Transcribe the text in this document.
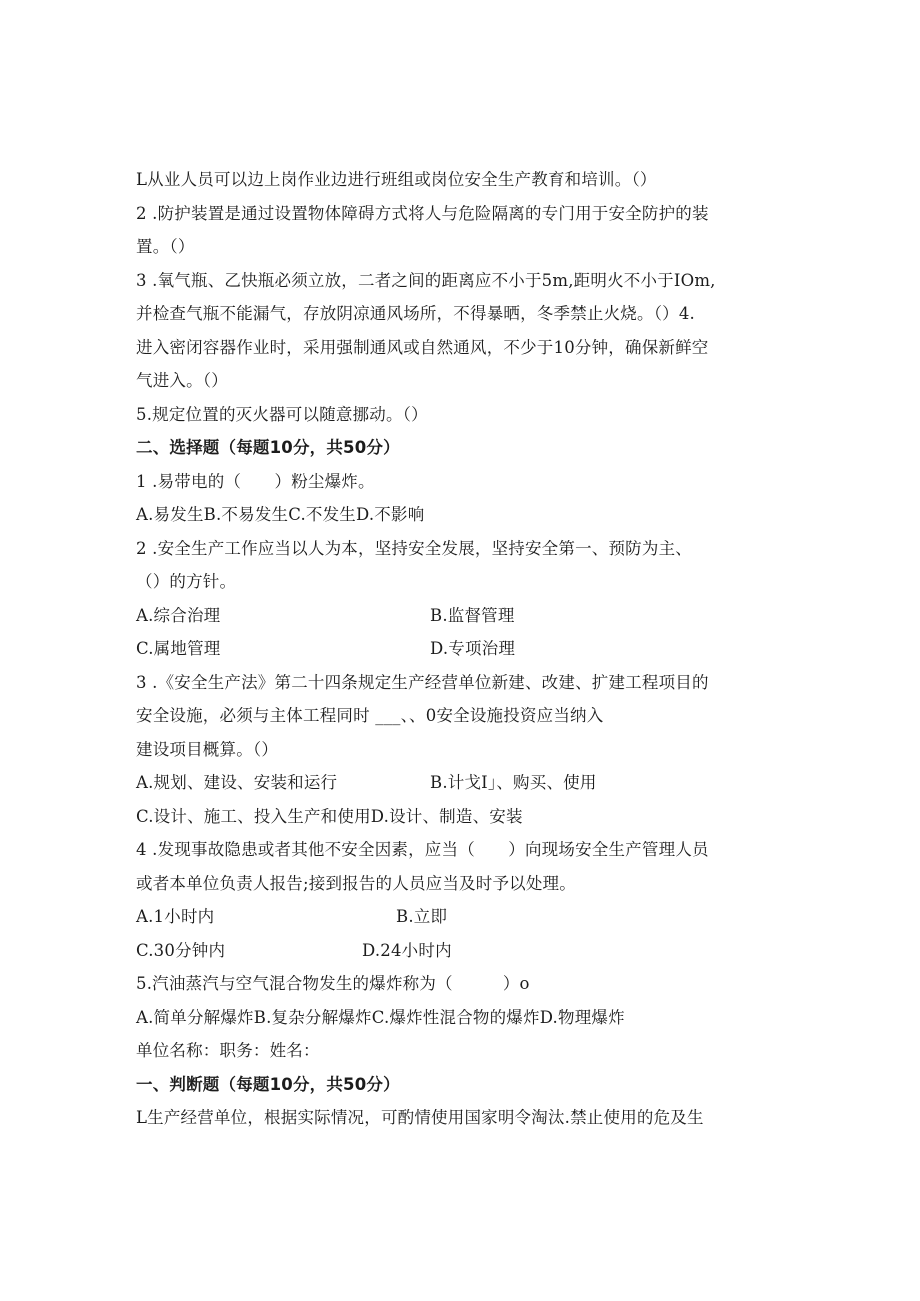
L从业人员可以边上岗作业边进行班组或岗位安全生产教育和培训。（）
2 .防护装置是通过设置物体障碍方式将人与危险隔离的专门用于安全防护的装
置。（）
3 .氧气瓶、乙快瓶必须立放，二者之间的距离应不小于5m,距明火不小于IOm,
并检查气瓶不能漏气，存放阴凉通风场所，不得暴晒，冬季禁止火烧。（）4.
进入密闭容器作业时，采用强制通风或自然通风，不少于10分钟，确保新鲜空
气进入。（）
5.规定位置的灭火器可以随意挪动。（）
二、选择题（每题10分，共50分）
1 .易带电的（　　）粉尘爆炸。
A.易发生B.不易发生C.不发生D.不影响
2 .安全生产工作应当以人为本，坚持安全发展，坚持安全第一、预防为主、
（）的方针。
A.综合治理	B.监督管理
C.属地管理	D.专项治理
3 .《安全生产法》第二十四条规定生产经营单位新建、改建、扩建工程项目的
安全设施，必须与主体工程同时 ___、、0安全设施投资应当纳入
建设项目概算。（）
A.规划、建设、安装和运行	B.计戈I」、购买、使用
C.设计、施工、投入生产和使用D.设计、制造、安装
4 .发现事故隐患或者其他不安全因素，应当（　　）向现场安全生产管理人员
或者本单位负责人报告;接到报告的人员应当及时予以处理。
A.1小时内	B.立即
C.30分钟内	D.24小时内
5.汽油蒸汽与空气混合物发生的爆炸称为（　　　）o
A.简单分解爆炸B.复杂分解爆炸C.爆炸性混合物的爆炸D.物理爆炸
单位名称：职务：姓名：
一、判断题（每题10分，共50分）
L生产经营单位，根据实际情况，可酌情使用国家明令淘汰.禁止使用的危及生
